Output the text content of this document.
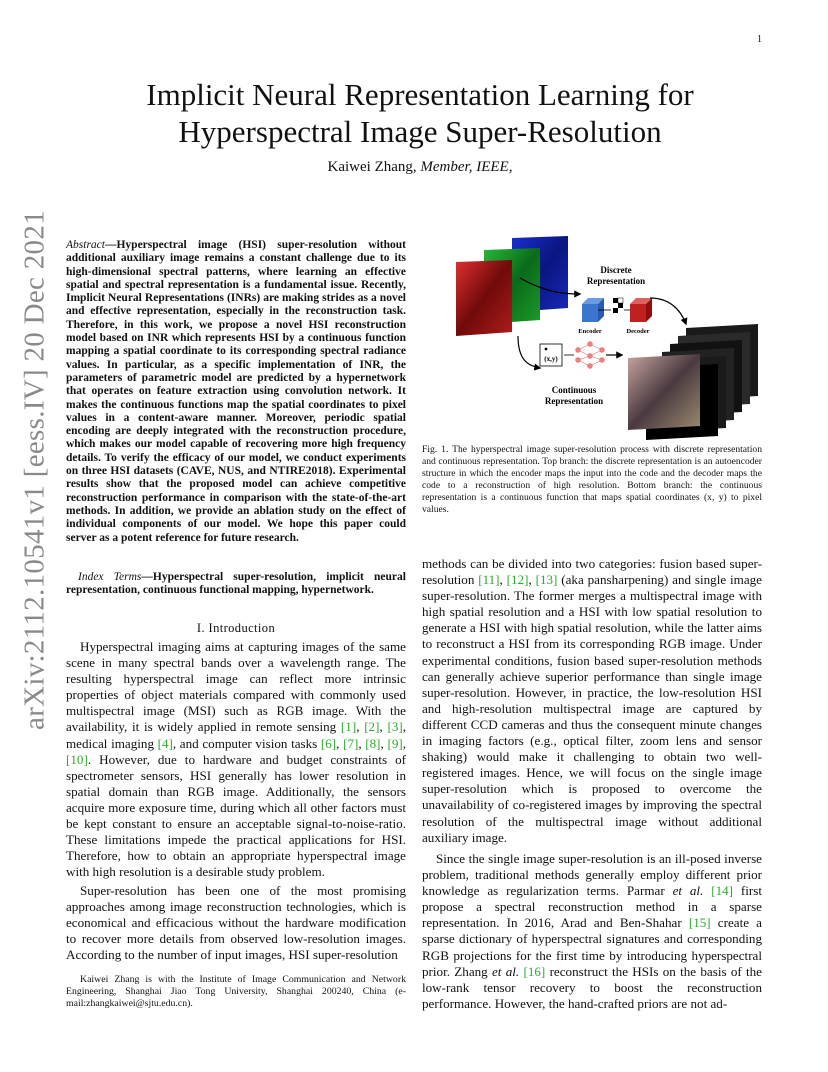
1
arXiv:2112.10541v1 [eess.IV] 20 Dec 2021
Implicit Neural Representation Learning for
Hyperspectral Image Super-Resolution
Kaiwei Zhang, Member, IEEE,
Abstract—Hyperspectral image (HSI) super-resolution without additional auxiliary image remains a constant challenge due to its high-dimensional spectral patterns, where learning an effective spatial and spectral representation is a fundamental issue. Recently, Implicit Neural Representations (INRs) are making strides as a novel and effective representation, especially in the reconstruction task. Therefore, in this work, we propose a novel HSI reconstruction model based on INR which represents HSI by a continuous function mapping a spatial coordinate to its corresponding spectral radiance values. In particular, as a specific implementation of INR, the parameters of parametric model are predicted by a hypernetwork that operates on feature extraction using convolution network. It makes the continuous functions map the spatial coordinates to pixel values in a content-aware manner. Moreover, periodic spatial encoding are deeply integrated with the reconstruction procedure, which makes our model capable of recovering more high frequency details. To verify the efficacy of our model, we conduct experiments on three HSI datasets (CAVE, NUS, and NTIRE2018). Experimental results show that the proposed model can achieve competitive reconstruction performance in comparison with the state-of-the-art methods. In addition, we provide an ablation study on the effect of individual components of our model. We hope this paper could server as a potent reference for future research.
Index Terms—Hyperspectral super-resolution, implicit neural representation, continuous functional mapping, hypernetwork.
I. Introduction
Hyperspectral imaging aims at capturing images of the same scene in many spectral bands over a wavelength range. The resulting hyperspectral image can reflect more intrinsic properties of object materials compared with commonly used multispectral image (MSI) such as RGB image. With the availability, it is widely applied in remote sensing [1], [2], [3], medical imaging [4], and computer vision tasks [6], [7], [8], [9], [10]. However, due to hardware and budget constraints of spectrometer sensors, HSI generally has lower resolution in spatial domain than RGB image. Additionally, the sensors acquire more exposure time, during which all other factors must be kept constant to ensure an acceptable signal-to-noise-ratio. These limitations impede the practical applications for HSI. Therefore, how to obtain an appropriate hyperspectral image with high resolution is a desirable study problem.
Super-resolution has been one of the most promising approaches among image reconstruction technologies, which is economical and efficacious without the hardware modification to recover more details from observed low-resolution images. According to the number of input images, HSI super-resolution
Kaiwei Zhang is with the Institute of Image Communication and Network Engineering, Shanghai Jiao Tong University, Shanghai 200240, China (e-mail:zhangkaiwei@sjtu.edu.cn).
Discrete
Representation
Encoder	Decoder
(x,y)
Continuous
Representation
Fig. 1. The hyperspectral image super-resolution process with discrete representation and continuous representation. Top branch: the discrete representation is an autoencoder structure in which the encoder maps the input into the code and the decoder maps the code to a reconstruction of high resolution. Bottom branch: the continuous representation is a continuous function that maps spatial coordinates (x, y) to pixel values.
methods can be divided into two categories: fusion based super-resolution [11], [12], [13] (aka pansharpening) and single image super-resolution. The former merges a multispectral image with high spatial resolution and a HSI with low spatial resolution to generate a HSI with high spatial resolution, while the latter aims to reconstruct a HSI from its corresponding RGB image. Under experimental conditions, fusion based super-resolution methods can generally achieve superior performance than single image super-resolution. However, in practice, the low-resolution HSI and high-resolution multispectral image are captured by different CCD cameras and thus the consequent minute changes in imaging factors (e.g., optical filter, zoom lens and sensor shaking) would make it challenging to obtain two well-registered images. Hence, we will focus on the single image super-resolution which is proposed to overcome the unavailability of co-registered images by improving the spectral resolution of the multispectral image without additional auxiliary image.
Since the single image super-resolution is an ill-posed inverse problem, traditional methods generally employ different prior knowledge as regularization terms. Parmar et al. [14] first propose a spectral reconstruction method in a sparse representation. In 2016, Arad and Ben-Shahar [15] create a sparse dictionary of hyperspectral signatures and corresponding RGB projections for the first time by introducing hyperspectral prior. Zhang et al. [16] reconstruct the HSIs on the basis of the low-rank tensor recovery to boost the reconstruction performance. However, the hand-crafted priors are not ad-
